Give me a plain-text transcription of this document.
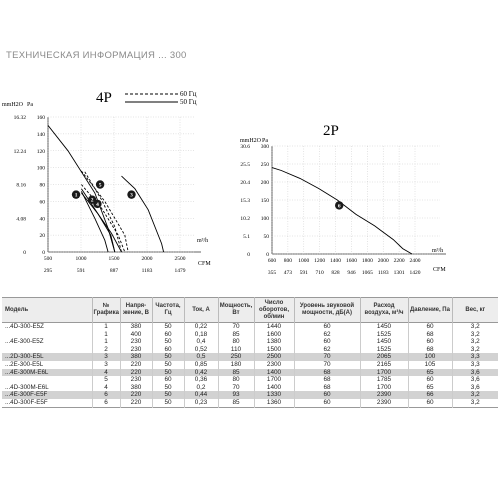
ТЕХНИЧЕСКАЯ ИНФОРМАЦИЯ ... 300
160
140
120
100
80
60
40
20
0
16.32
12.24
8.16
4.08
0
500	1000	1500	2000	2500
295	591	887	1183	1479
1
2
4
5
3
4P	60 Гц
50 Гц
mmH2O Pa
m³/h
CFM
300
250
200
150
100
50
0
30.6
25.5
20.4
15.3
10.2
5.1
0
600 800 1000 1200 1400 1600 1800 2000 2200 2400
355 473 591 710 828 946 1065 1183 1301 1420
6
2P
mmH2O Pa
m³/h
CFM
Модель	№ Графика	Напря-жение, В	Частота, Гц	Ток, А	Мощность, Вт	Число оборотов, об/мин	Уровень звуковой мощности, дБ(А)	Расход воздуха, м³/ч	Давление, Па	Вес, кг
...4D-300-E5Z	1	380	50	0,22	70	1440	60	1450	60	3,2
	1	400	60	0,18	85	1600	62	1525	68	3,2
...4E-300-E5Z	1	230	50	0,4	80	1380	60	1450	60	3,2
	2	230	60	0,52	110	1500	62	1525	68	3,2
...2D-300-E5L	3	380	50	0,5	250	2500	70	2065	100	3,3
...2E-300-E5L	3	220	50	0,85	180	2300	70	2165	105	3,3
...4E-300M-E6L	4	220	50	0,42	85	1400	68	1700	65	3,6
	5	230	60	0,36	80	1700	68	1785	60	3,6
...4D-300M-E6L	4	380	50	0,2	70	1400	68	1700	65	3,6
...4E-300F-E5F	6	220	50	0,44	93	1330	60	2390	66	3,2
...4D-300F-E5F	6	220	50	0,23	85	1360	60	2390	60	3,2
